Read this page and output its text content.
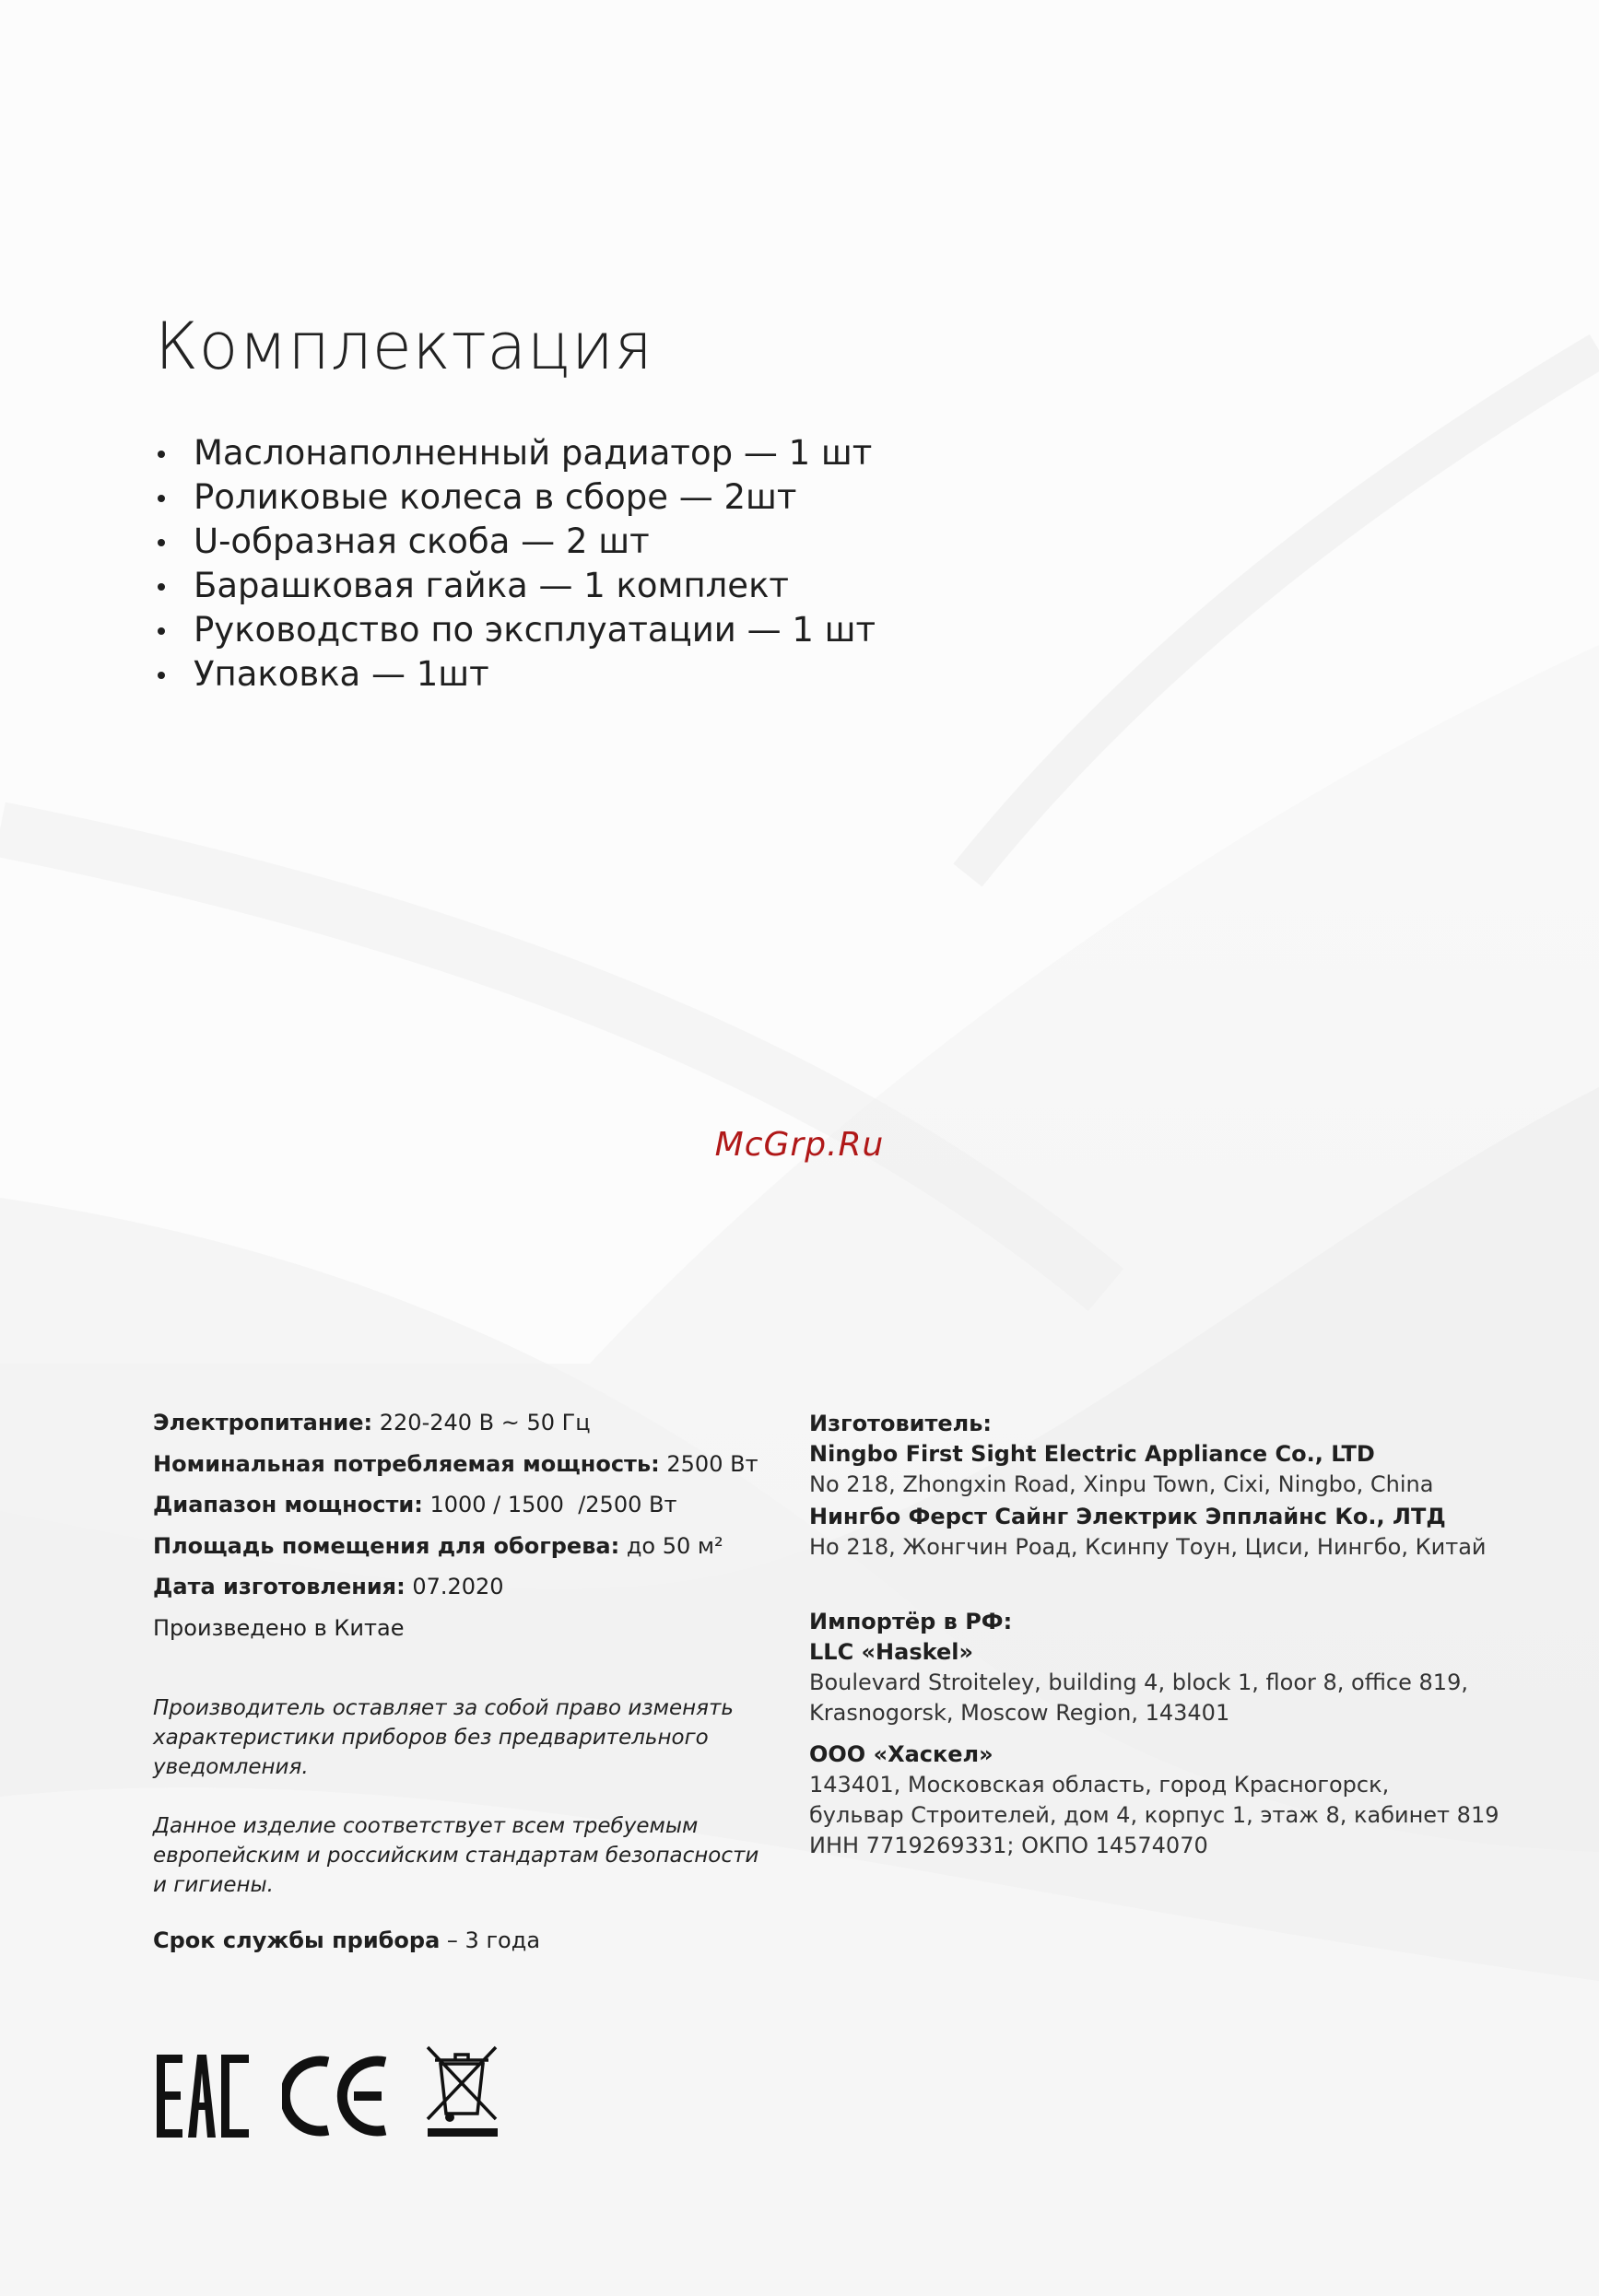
Комплектация
Маслонаполненный радиатор — 1 шт
Роликовые колеса в сборе — 2шт
U-образная скоба — 2 шт
Барашковая гайка — 1 комплект
Руководство по эксплуатации — 1 шт
Упаковка — 1шт
McGrp.Ru
Электропитание: 220-240 В ~ 50 Гц
Номинальная потребляемая мощность: 2500 Вт
Диапазон мощности: 1000 / 1500  /2500 Вт
Площадь помещения для обогрева: до 50 м²
Дата изготовления: 07.2020
Произведено в Китае

Производитель оставляет за собой право изменять характеристики приборов без предварительного уведомления.

Данное изделие соответствует всем требуемым европейским и российским стандартам безопасности и гигиены.

Срок службы прибора – 3 года
Изготовитель:
Ningbo First Sight Electric Appliance Co., LTD
No 218, Zhongxin Road, Xinpu Town, Cixi, Ningbo, China
Нингбо Ферст Сайнг Электрик Эпплайнс Ко., ЛТД
Но 218, Жонгчин Роад, Ксинпу Тоун, Циси, Нингбо, Китай
Импортёр в РФ:
LLC «Haskel»
Boulevard Stroiteley, building 4, block 1, floor 8, office 819,
Krasnogorsk, Moscow Region, 143401
ООО «Хаскел»
143401, Московская область, город Красногорск,
бульвар Строителей, дом 4, корпус 1, этаж 8, кабинет 819
ИНН 7719269331; ОКПО 14574070
